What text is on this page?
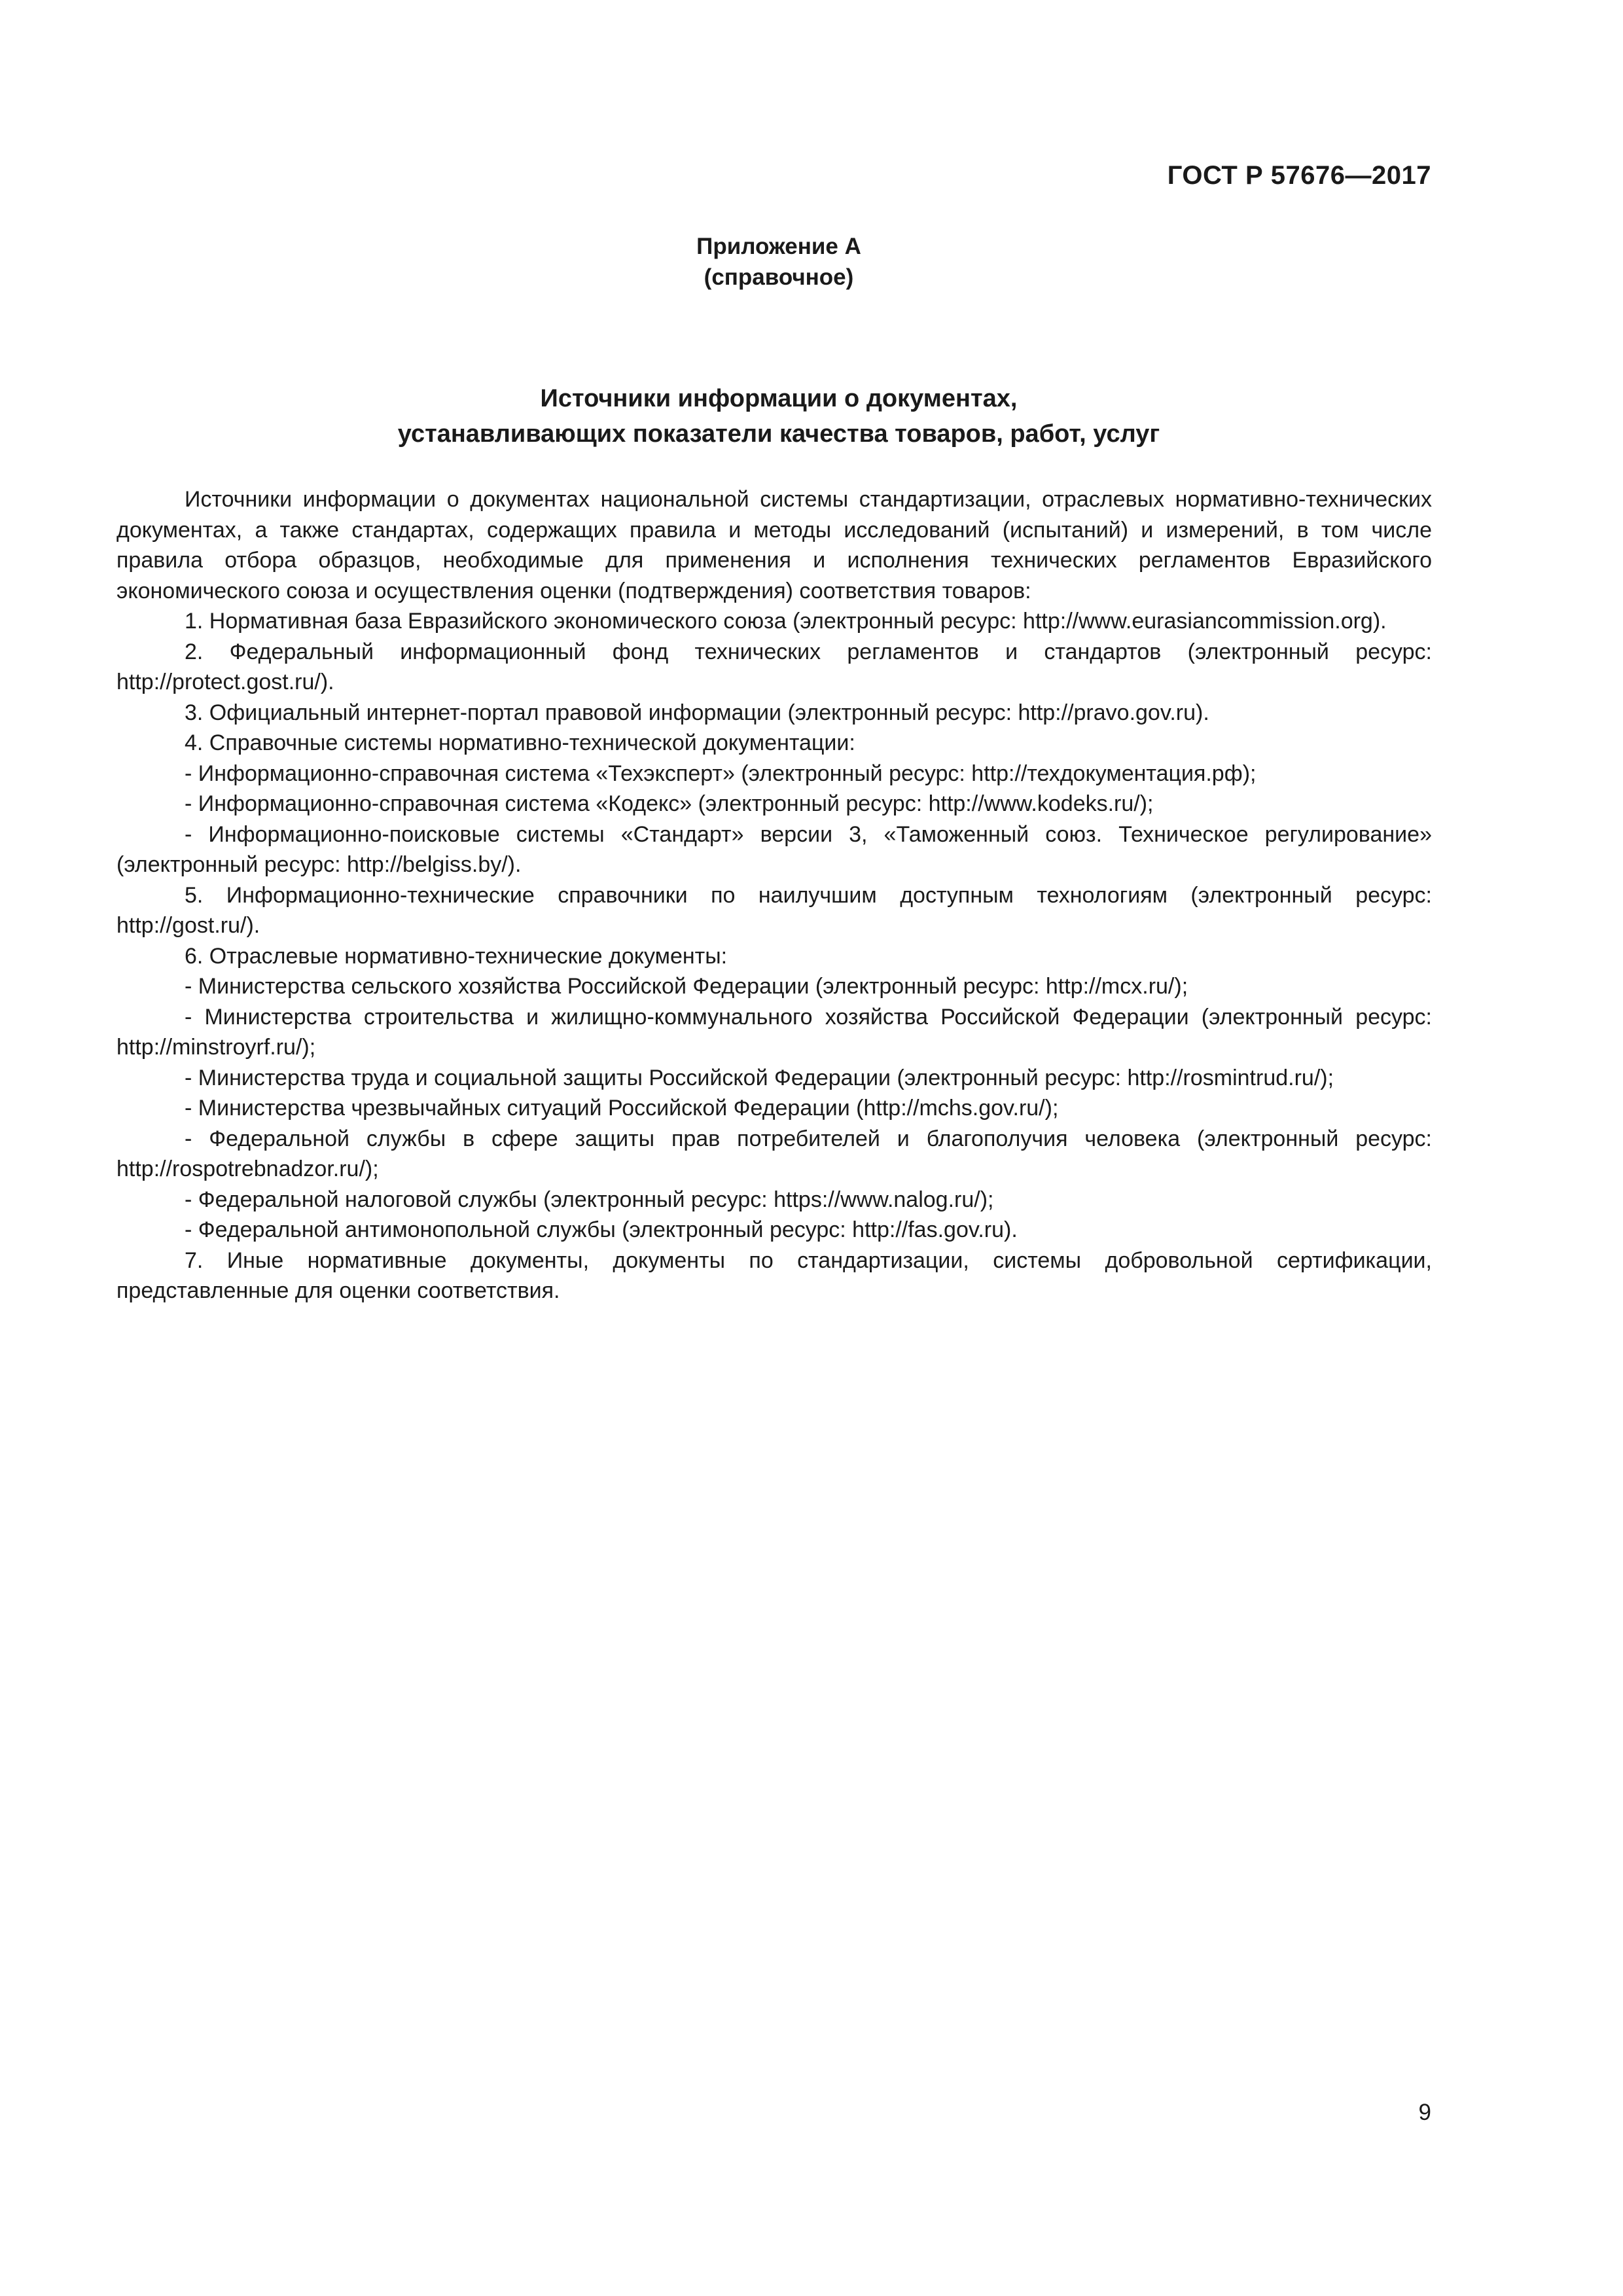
ГОСТ Р 57676—2017
Приложение А
(справочное)
Источники информации о документах,
устанавливающих показатели качества товаров, работ, услуг

Источники информации о документах национальной системы стандартизации, отраслевых нормативно-технических документах, а также стандартах, содержащих правила и методы исследований (испытаний) и измерений, в том числе правила отбора образцов, необходимые для применения и исполнения технических регламентов Евразийского экономического союза и осуществления оценки (подтверждения) соответствия товаров:

1. Нормативная база Евразийского экономического союза (электронный ресурс: http://www.eurasiancommission.org).

2. Федеральный информационный фонд технических регламентов и стандартов (электронный ресурс: http://protect.gost.ru/).

3. Официальный интернет-портал правовой информации (электронный ресурс: http://pravo.gov.ru).

4. Справочные системы нормативно-технической документации:

- Информационно-справочная система «Техэксперт» (электронный ресурс: http://техдокументация.рф);

- Информационно-справочная система «Кодекс» (электронный ресурс: http://www.kodeks.ru/);

- Информационно-поисковые системы «Стандарт» версии 3, «Таможенный союз. Техническое регулирование» (электронный ресурс: http://belgiss.by/).

5. Информационно-технические справочники по наилучшим доступным технологиям (электронный ресурс: http://gost.ru/).

6. Отраслевые нормативно-технические документы:

- Министерства сельского хозяйства Российской Федерации (электронный ресурс: http://mcx.ru/);

- Министерства строительства и жилищно-коммунального хозяйства Российской Федерации (электронный ресурс: http://minstroyrf.ru/);

- Министерства труда и социальной защиты Российской Федерации (электронный ресурс: http://rosmintrud.ru/);

- Министерства чрезвычайных ситуаций Российской Федерации (http://mchs.gov.ru/);

- Федеральной службы в сфере защиты прав потребителей и благополучия человека (электронный ресурс: http://rospotrebnadzor.ru/);

- Федеральной налоговой службы (электронный ресурс: https://www.nalog.ru/);

- Федеральной антимонопольной службы (электронный ресурс: http://fas.gov.ru).

7. Иные нормативные документы, документы по стандартизации, системы добровольной сертификации, представленные для оценки соответствия.

9
